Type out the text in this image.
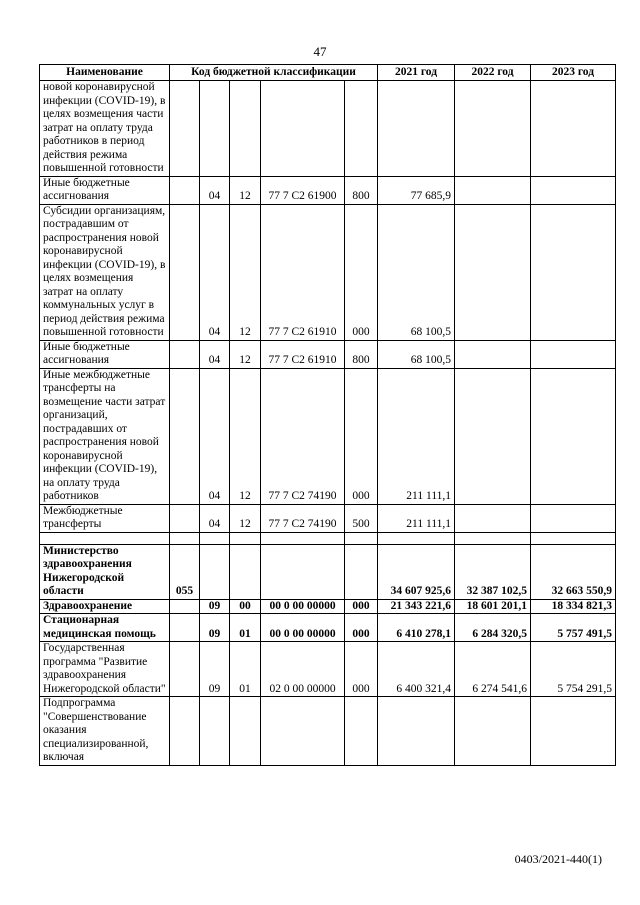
47
Наименование	Код бюджетной классификации					2021 год	2022 год	2023 год
новой коронавирусной инфекции (COVID-19), в целях возмещения части затрат на оплату труда работников в период действия режима повышенной готовности								
Иные бюджетные ассигнования		04	12	77 7 C2 61900	800	77 685,9		
Субсидии организациям, пострадавшим от распространения новой коронавирусной инфекции (COVID-19), в целях возмещения затрат на оплату коммунальных услуг в период действия режима повышенной готовности		04	12	77 7 C2 61910	000	68 100,5		
Иные бюджетные ассигнования		04	12	77 7 C2 61910	800	68 100,5		
Иные межбюджетные трансферты на возмещение части затрат организаций, пострадавших от распространения новой коронавирусной инфекции (COVID-19), на оплату труда работников		04	12	77 7 C2 74190	000	211 111,1		
Межбюджетные трансферты		04	12	77 7 C2 74190	500	211 111,1		

Министерство здравоохранения Нижегородской области	055					34 607 925,6	32 387 102,5	32 663 550,9
Здравоохранение		09	00	00 0 00 00000	000	21 343 221,6	18 601 201,1	18 334 821,3
Стационарная медицинская помощь		09	01	00 0 00 00000	000	6 410 278,1	6 284 320,5	5 757 491,5
Государственная программа "Развитие здравоохранения Нижегородской области"		09	01	02 0 00 00000	000	6 400 321,4	6 274 541,6	5 754 291,5
Подпрограмма "Совершенствование оказания специализированной, включая								
0403/2021-440(1)
